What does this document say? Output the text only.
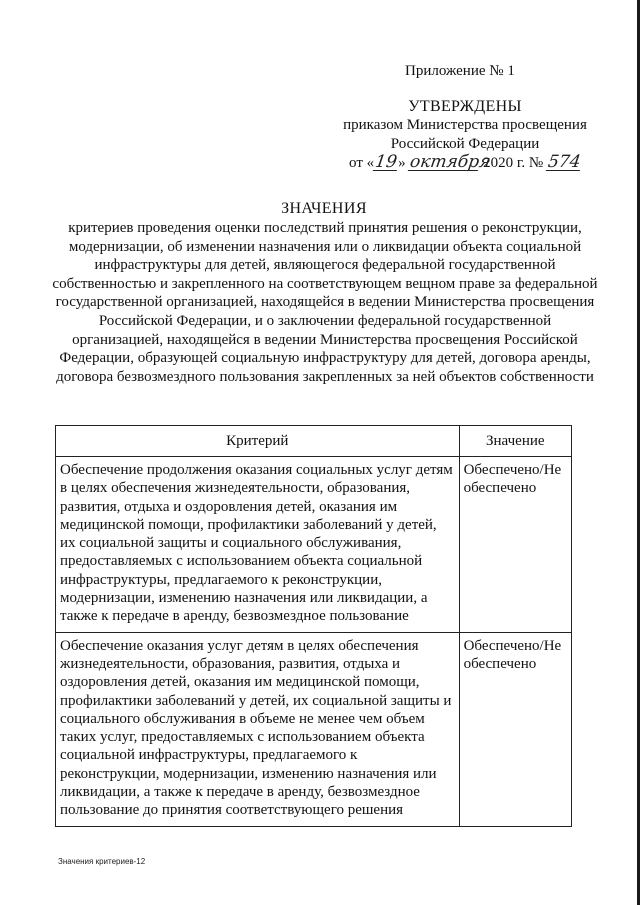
Приложение № 1
УТВЕРЖДЕНЫ
приказом Министерства просвещения
Российской Федерации
от «19» октября 2020 г. № 574
ЗНАЧЕНИЯ
критериев проведения оценки последствий принятия решения о реконструкции, модернизации, об изменении назначения или о ликвидации объекта социальной инфраструктуры для детей, являющегося федеральной государственной собственностью и закрепленного на соответствующем вещном праве за федеральной государственной организацией, находящейся в ведении Министерства просвещения Российской Федерации, и о заключении федеральной государственной организацией, находящейся в ведении Министерства просвещения Российской Федерации, образующей социальную инфраструктуру для детей, договора аренды, договора безвозмездного пользования закрепленных за ней объектов собственности
Критерий	Значение
Обеспечение продолжения оказания социальных услуг детям в целях обеспечения жизнедеятельности, образования, развития, отдыха и оздоровления детей, оказания им медицинской помощи, профилактики заболеваний у детей, их социальной защиты и социального обслуживания, предоставляемых с использованием объекта социальной инфраструктуры, предлагаемого к реконструкции, модернизации, изменению назначения или ликвидации, а также к передаче в аренду, безвозмездное пользование	Обеспечено/Не обеспечено
Обеспечение оказания услуг детям в целях обеспечения жизнедеятельности, образования, развития, отдыха и оздоровления детей, оказания им медицинской помощи, профилактики заболеваний у детей, их социальной защиты и социального обслуживания в объеме не менее чем объем таких услуг, предоставляемых с использованием объекта социальной инфраструктуры, предлагаемого к реконструкции, модернизации, изменению назначения или ликвидации, а также к передаче в аренду, безвозмездное пользование до принятия соответствующего решения	Обеспечено/Не обеспечено
Значения критериев-12
